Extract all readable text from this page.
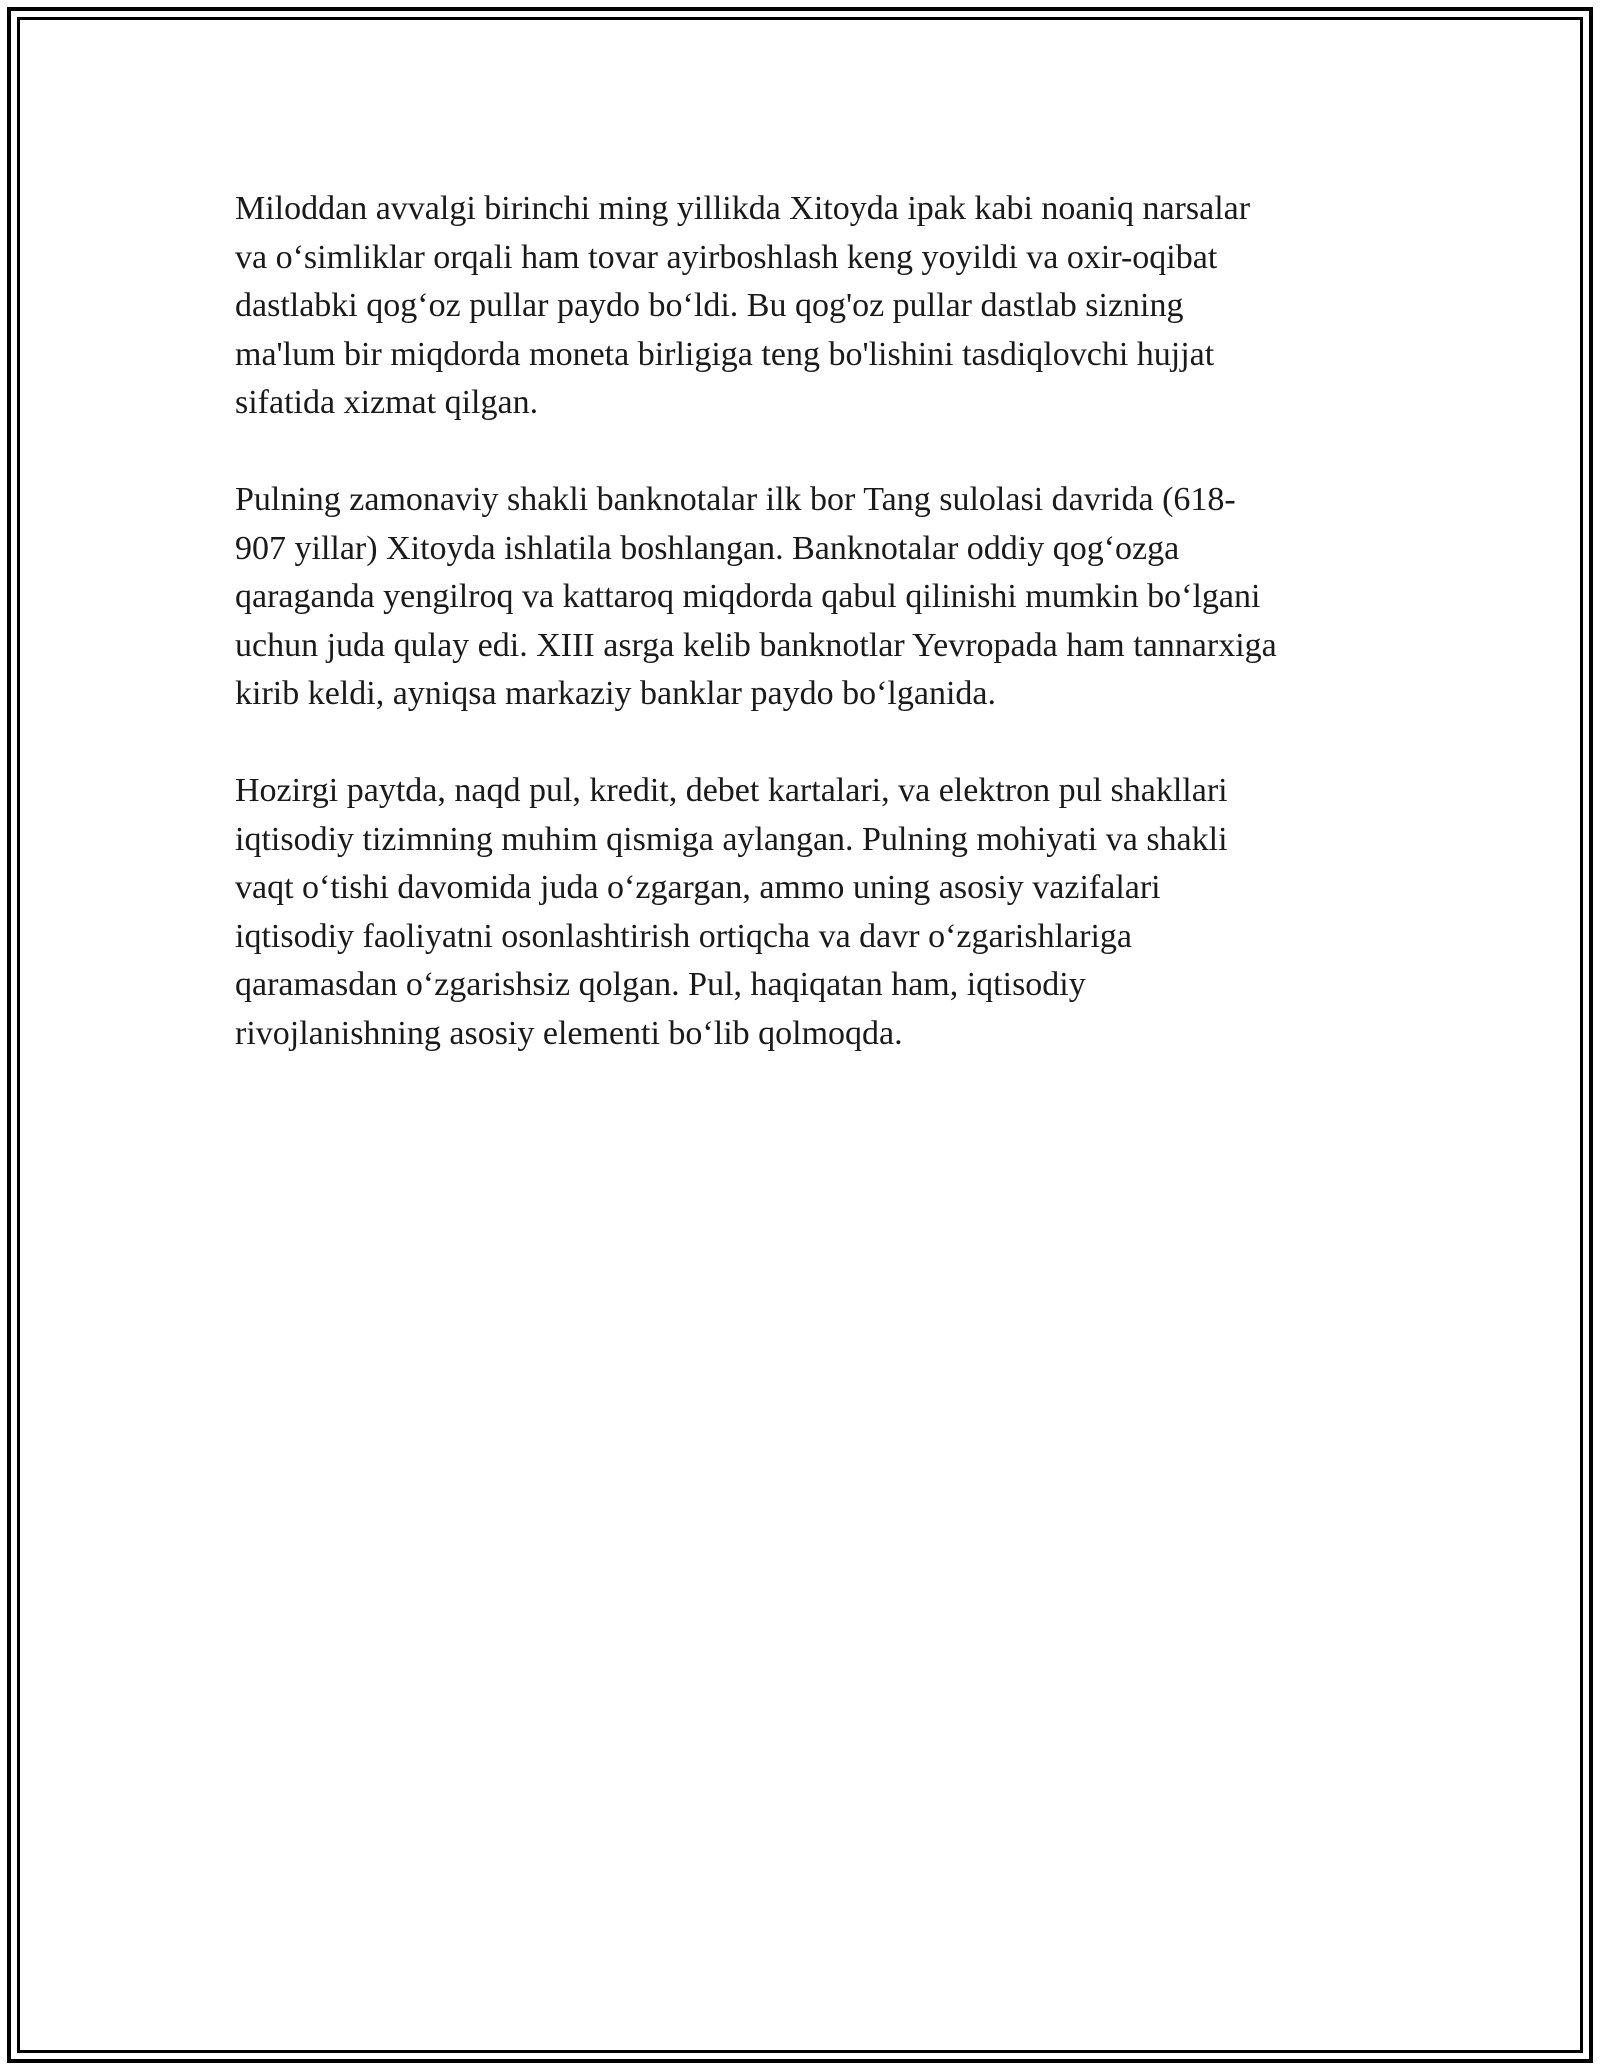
Miloddan avvalgi birinchi ming yillikda Xitoyda ipak kabi noaniq narsalar
va o‘simliklar orqali ham tovar ayirboshlash keng yoyildi va oxir-oqibat
dastlabki qog‘oz pullar paydo bo‘ldi. Bu qog'oz pullar dastlab sizning
ma'lum bir miqdorda moneta birligiga teng bo'lishini tasdiqlovchi hujjat
sifatida xizmat qilgan.

Pulning zamonaviy shakli banknotalar ilk bor Tang sulolasi davrida (618-
907 yillar) Xitoyda ishlatila boshlangan. Banknotalar oddiy qog‘ozga
qaraganda yengilroq va kattaroq miqdorda qabul qilinishi mumkin bo‘lgani
uchun juda qulay edi. XIII asrga kelib banknotlar Yevropada ham tannarxiga
kirib keldi, ayniqsa markaziy banklar paydo bo‘lganida.

Hozirgi paytda, naqd pul, kredit, debet kartalari, va elektron pul shakllari
iqtisodiy tizimning muhim qismiga aylangan. Pulning mohiyati va shakli
vaqt o‘tishi davomida juda o‘zgargan, ammo uning asosiy vazifalari
iqtisodiy faoliyatni osonlashtirish ortiqcha va davr o‘zgarishlariga
qaramasdan o‘zgarishsiz qolgan. Pul, haqiqatan ham, iqtisodiy
rivojlanishning asosiy elementi bo‘lib qolmoqda.
